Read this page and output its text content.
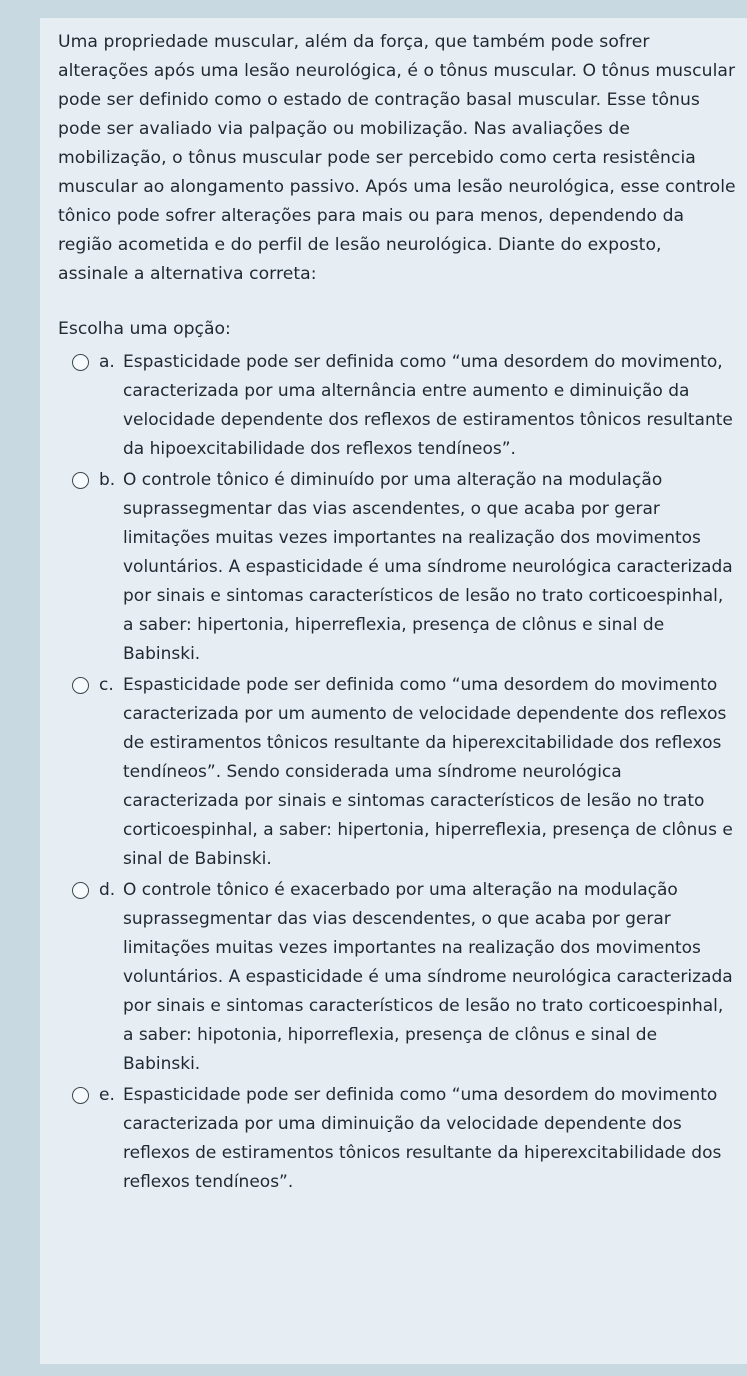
Uma propriedade muscular, além da força, que também pode sofrer alterações após uma lesão neurológica, é o tônus muscular. O tônus muscular pode ser definido como o estado de contração basal muscular. Esse tônus pode ser avaliado via palpação ou mobilização. Nas avaliações de mobilização, o tônus muscular pode ser percebido como certa resistência muscular ao alongamento passivo. Após uma lesão neurológica, esse controle tônico pode sofrer alterações para mais ou para menos, dependendo da região acometida e do perfil de lesão neurológica. Diante do exposto, assinale a alternativa correta:

Escolha uma opção:

a. Espasticidade pode ser definida como “uma desordem do movimento, caracterizada por uma alternância entre aumento e diminuição da velocidade dependente dos reflexos de estiramentos tônicos resultante da hipoexcitabilidade dos reflexos tendíneos”.
b. O controle tônico é diminuído por uma alteração na modulação suprassegmentar das vias ascendentes, o que acaba por gerar limitações muitas vezes importantes na realização dos movimentos voluntários. A espasticidade é uma síndrome neurológica caracterizada por sinais e sintomas característicos de lesão no trato corticoespinhal, a saber: hipertonia, hiperreflexia, presença de clônus e sinal de Babinski.
c. Espasticidade pode ser definida como “uma desordem do movimento caracterizada por um aumento de velocidade dependente dos reflexos de estiramentos tônicos resultante da hiperexcitabilidade dos reflexos tendíneos”. Sendo considerada uma síndrome neurológica caracterizada por sinais e sintomas característicos de lesão no trato corticoespinhal, a saber: hipertonia, hiperreflexia, presença de clônus e sinal de Babinski.
d. O controle tônico é exacerbado por uma alteração na modulação suprassegmentar das vias descendentes, o que acaba por gerar limitações muitas vezes importantes na realização dos movimentos voluntários. A espasticidade é uma síndrome neurológica caracterizada por sinais e sintomas característicos de lesão no trato corticoespinhal, a saber: hipotonia, hiporreflexia, presença de clônus e sinal de Babinski.
e. Espasticidade pode ser definida como “uma desordem do movimento caracterizada por uma diminuição da velocidade dependente dos reflexos de estiramentos tônicos resultante da hiperexcitabilidade dos reflexos tendíneos”.
